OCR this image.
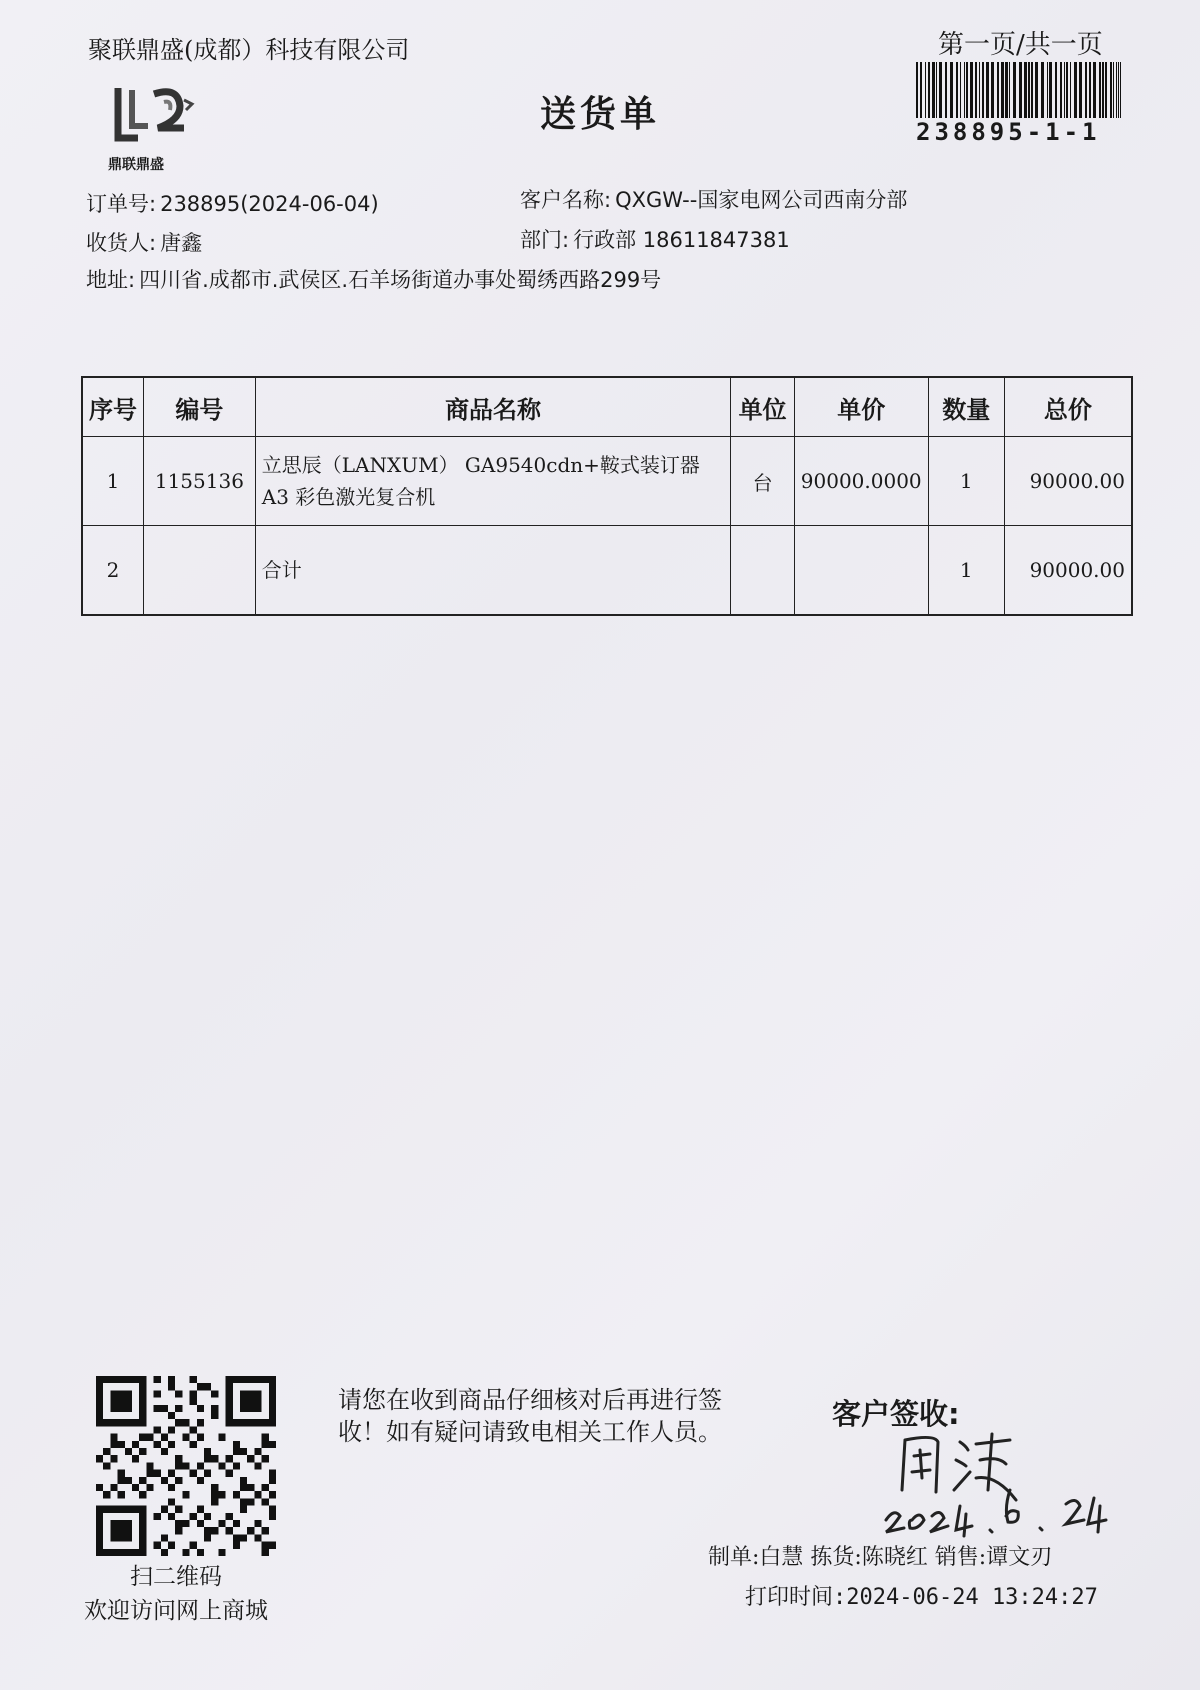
聚联鼎盛(成都）科技有限公司
鼎联鼎盛
送货单
第一页/共一页
238895-1-1
订单号: 238895(2024-06-04)
收货人: 唐鑫
地址: 四川省.成都市.武侯区.石羊场街道办事处蜀绣西路299号
客户名称: QXGW--国家电网公司西南分部
部门: 行政部 18611847381
序号	编号	商品名称	单位	单价	数量	总价
1	1155136	立思辰（LANXUM） GA9540cdn+鞍式装订器
A3 彩色激光复合机	台	90000.0000	1	90000.00
2		合计			1	90000.00
扫二维码
欢迎访问网上商城
请您在收到商品仔细核对后再进行签收！如有疑问请致电相关工作人员。
客户签收:
制单:白慧 拣货:陈晓红 销售:谭文刃
打印时间:2024-06-24 13:24:27
